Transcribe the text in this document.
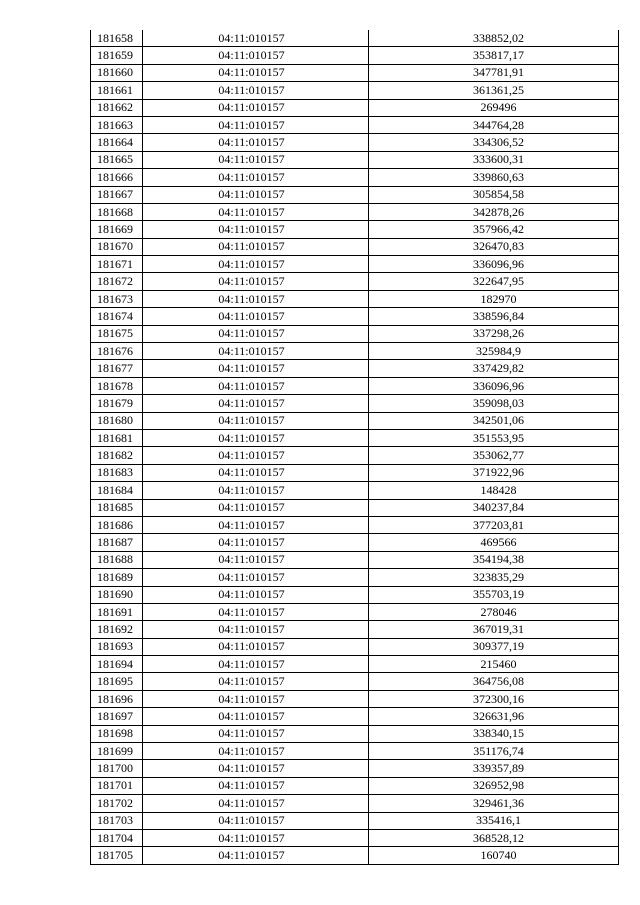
181658	04:11:010157	338852,02
181659	04:11:010157	353817,17
181660	04:11:010157	347781,91
181661	04:11:010157	361361,25
181662	04:11:010157	269496
181663	04:11:010157	344764,28
181664	04:11:010157	334306,52
181665	04:11:010157	333600,31
181666	04:11:010157	339860,63
181667	04:11:010157	305854,58
181668	04:11:010157	342878,26
181669	04:11:010157	357966,42
181670	04:11:010157	326470,83
181671	04:11:010157	336096,96
181672	04:11:010157	322647,95
181673	04:11:010157	182970
181674	04:11:010157	338596,84
181675	04:11:010157	337298,26
181676	04:11:010157	325984,9
181677	04:11:010157	337429,82
181678	04:11:010157	336096,96
181679	04:11:010157	359098,03
181680	04:11:010157	342501,06
181681	04:11:010157	351553,95
181682	04:11:010157	353062,77
181683	04:11:010157	371922,96
181684	04:11:010157	148428
181685	04:11:010157	340237,84
181686	04:11:010157	377203,81
181687	04:11:010157	469566
181688	04:11:010157	354194,38
181689	04:11:010157	323835,29
181690	04:11:010157	355703,19
181691	04:11:010157	278046
181692	04:11:010157	367019,31
181693	04:11:010157	309377,19
181694	04:11:010157	215460
181695	04:11:010157	364756,08
181696	04:11:010157	372300,16
181697	04:11:010157	326631,96
181698	04:11:010157	338340,15
181699	04:11:010157	351176,74
181700	04:11:010157	339357,89
181701	04:11:010157	326952,98
181702	04:11:010157	329461,36
181703	04:11:010157	335416,1
181704	04:11:010157	368528,12
181705	04:11:010157	160740
